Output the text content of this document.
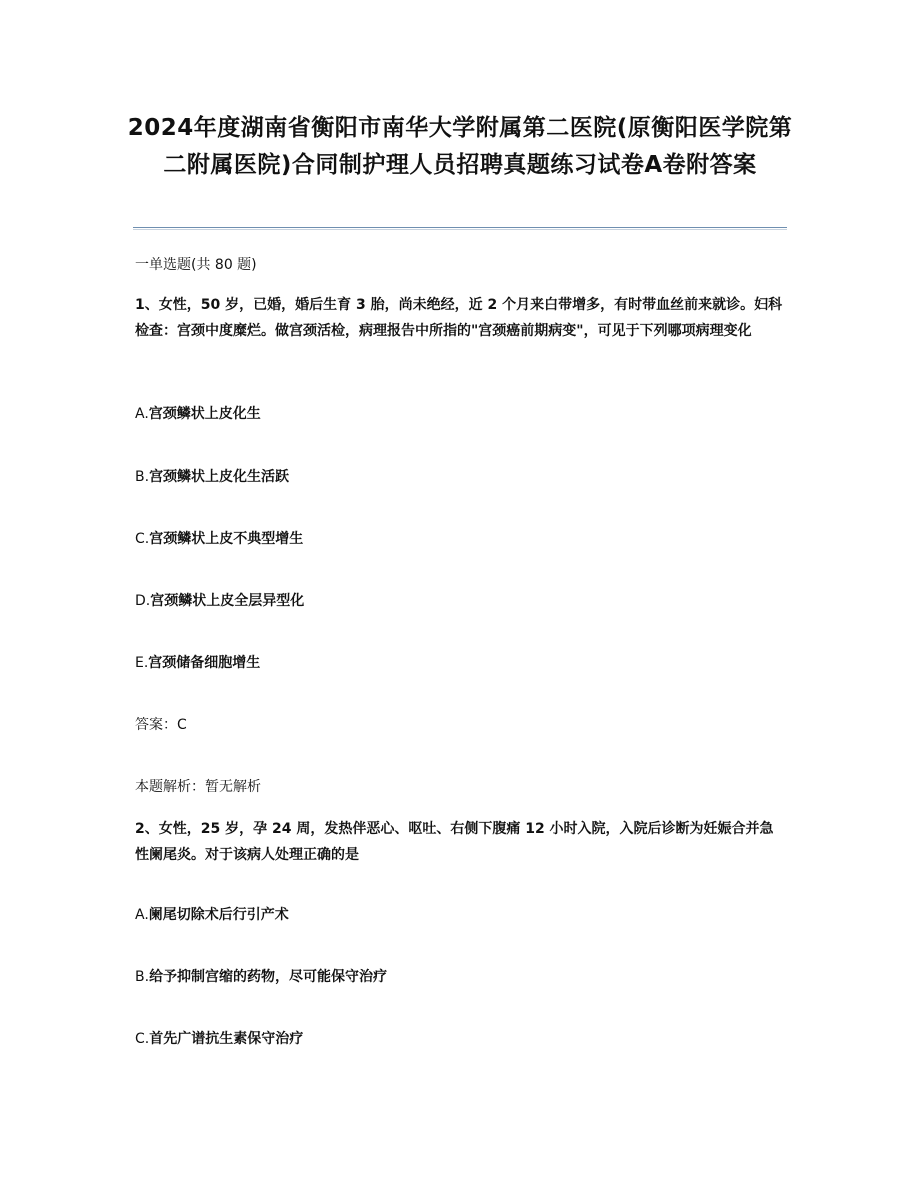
2024年度湖南省衡阳市南华大学附属第二医院(原衡阳医学院第二附属医院)合同制护理人员招聘真题练习试卷A卷附答案
一单选题(共 80 题)
1、女性，50 岁，已婚，婚后生育 3 胎，尚未绝经，近 2 个月来白带增多，有时带血丝前来就诊。妇科检查：宫颈中度糜烂。做宫颈活检，病理报告中所指的"宫颈癌前期病变"，可见于下列哪项病理变化
A.宫颈鳞状上皮化生
B.宫颈鳞状上皮化生活跃
C.宫颈鳞状上皮不典型增生
D.宫颈鳞状上皮全层异型化
E.宫颈储备细胞增生
答案：C
本题解析：暂无解析
2、女性，25 岁，孕 24 周，发热伴恶心、呕吐、右侧下腹痛 12 小时入院，入院后诊断为妊娠合并急性阑尾炎。对于该病人处理正确的是
A.阑尾切除术后行引产术
B.给予抑制宫缩的药物，尽可能保守治疗
C.首先广谱抗生素保守治疗
